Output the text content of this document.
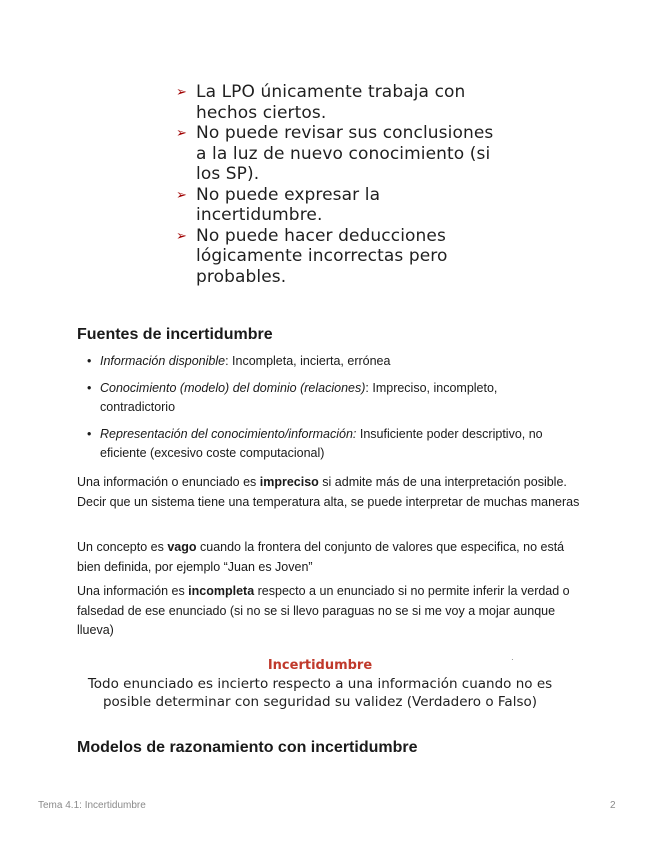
➢ La LPO únicamente trabaja con hechos ciertos.
➢ No puede revisar sus conclusiones a la luz de nuevo conocimiento (si los SP).
➢ No puede expresar la incertidumbre.
➢ No puede hacer deducciones lógicamente incorrectas pero probables.
Fuentes de incertidumbre
• Información disponible: Incompleta, incierta, errónea
• Conocimiento (modelo) del dominio (relaciones): Impreciso, incompleto, contradictorio
• Representación del conocimiento/información: Insuficiente poder descriptivo, no eficiente (excesivo coste computacional)

Una información o enunciado es impreciso si admite más de una interpretación posible. Decir que un sistema tiene una temperatura alta, se puede interpretar de muchas maneras

Un concepto es vago cuando la frontera del conjunto de valores que especifica, no está bien definida, por ejemplo “Juan es Joven”

Una información es incompleta respecto a un enunciado si no permite inferir la verdad o falsedad de ese enunciado (si no se si llevo paraguas no se si me voy a mojar aunque llueva)

·
Incertidumbre
Todo enunciado es incierto respecto a una información cuando no es posible determinar con seguridad su validez (Verdadero o Falso)
Modelos de razonamiento con incertidumbre
Tema 4.1: Incertidumbre	2
